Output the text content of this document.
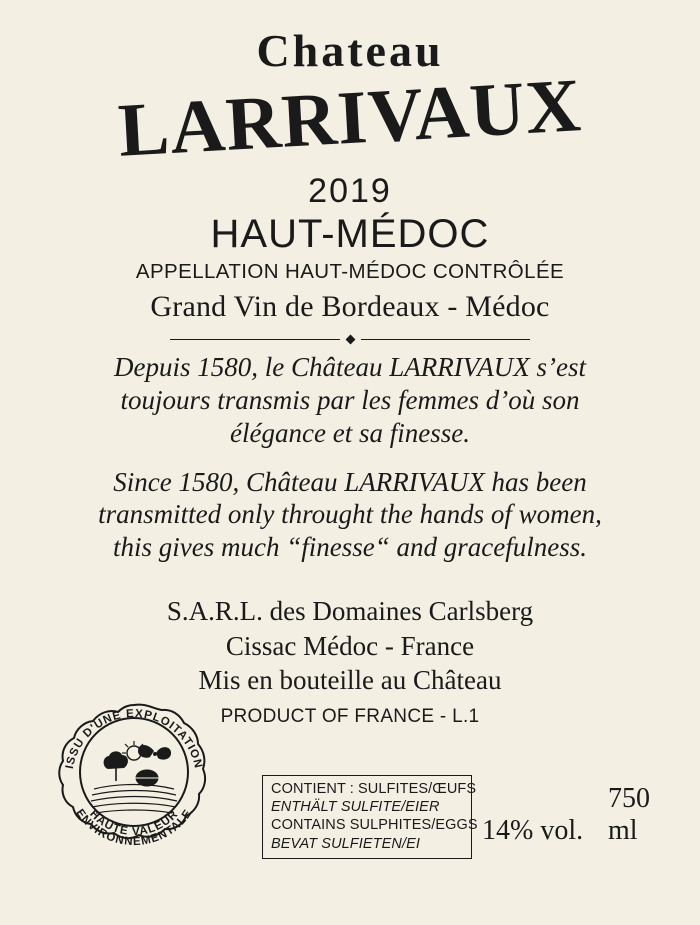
Chateau
LARRIVAUX
2019
HAUT-MÉDOC
APPELLATION HAUT-MÉDOC CONTRÔLÉE
Grand Vin de Bordeaux - Médoc
Depuis 1580, le Château LARRIVAUX s’est
toujours transmis par les femmes d’où son
élégance et sa finesse.
Since 1580, Château LARRIVAUX has been
transmitted only throught the hands of women,
this gives much “finesse“ and gracefulness.
S.A.R.L. des Domaines Carlsberg
Cissac Médoc - France
Mis en bouteille au Château
PRODUCT OF FRANCE - L.1
ISSU D'UNE EXPLOITATION
HAUTE VALEUR
ENVIRONNEMENTALE
CONTIENT : SULFITES/ŒUFS
ENTHÄLT SULFITE/EIER
CONTAINS SULPHITES/EGGS
BEVAT SULFIETEN/EI	14% vol.
750 ml
